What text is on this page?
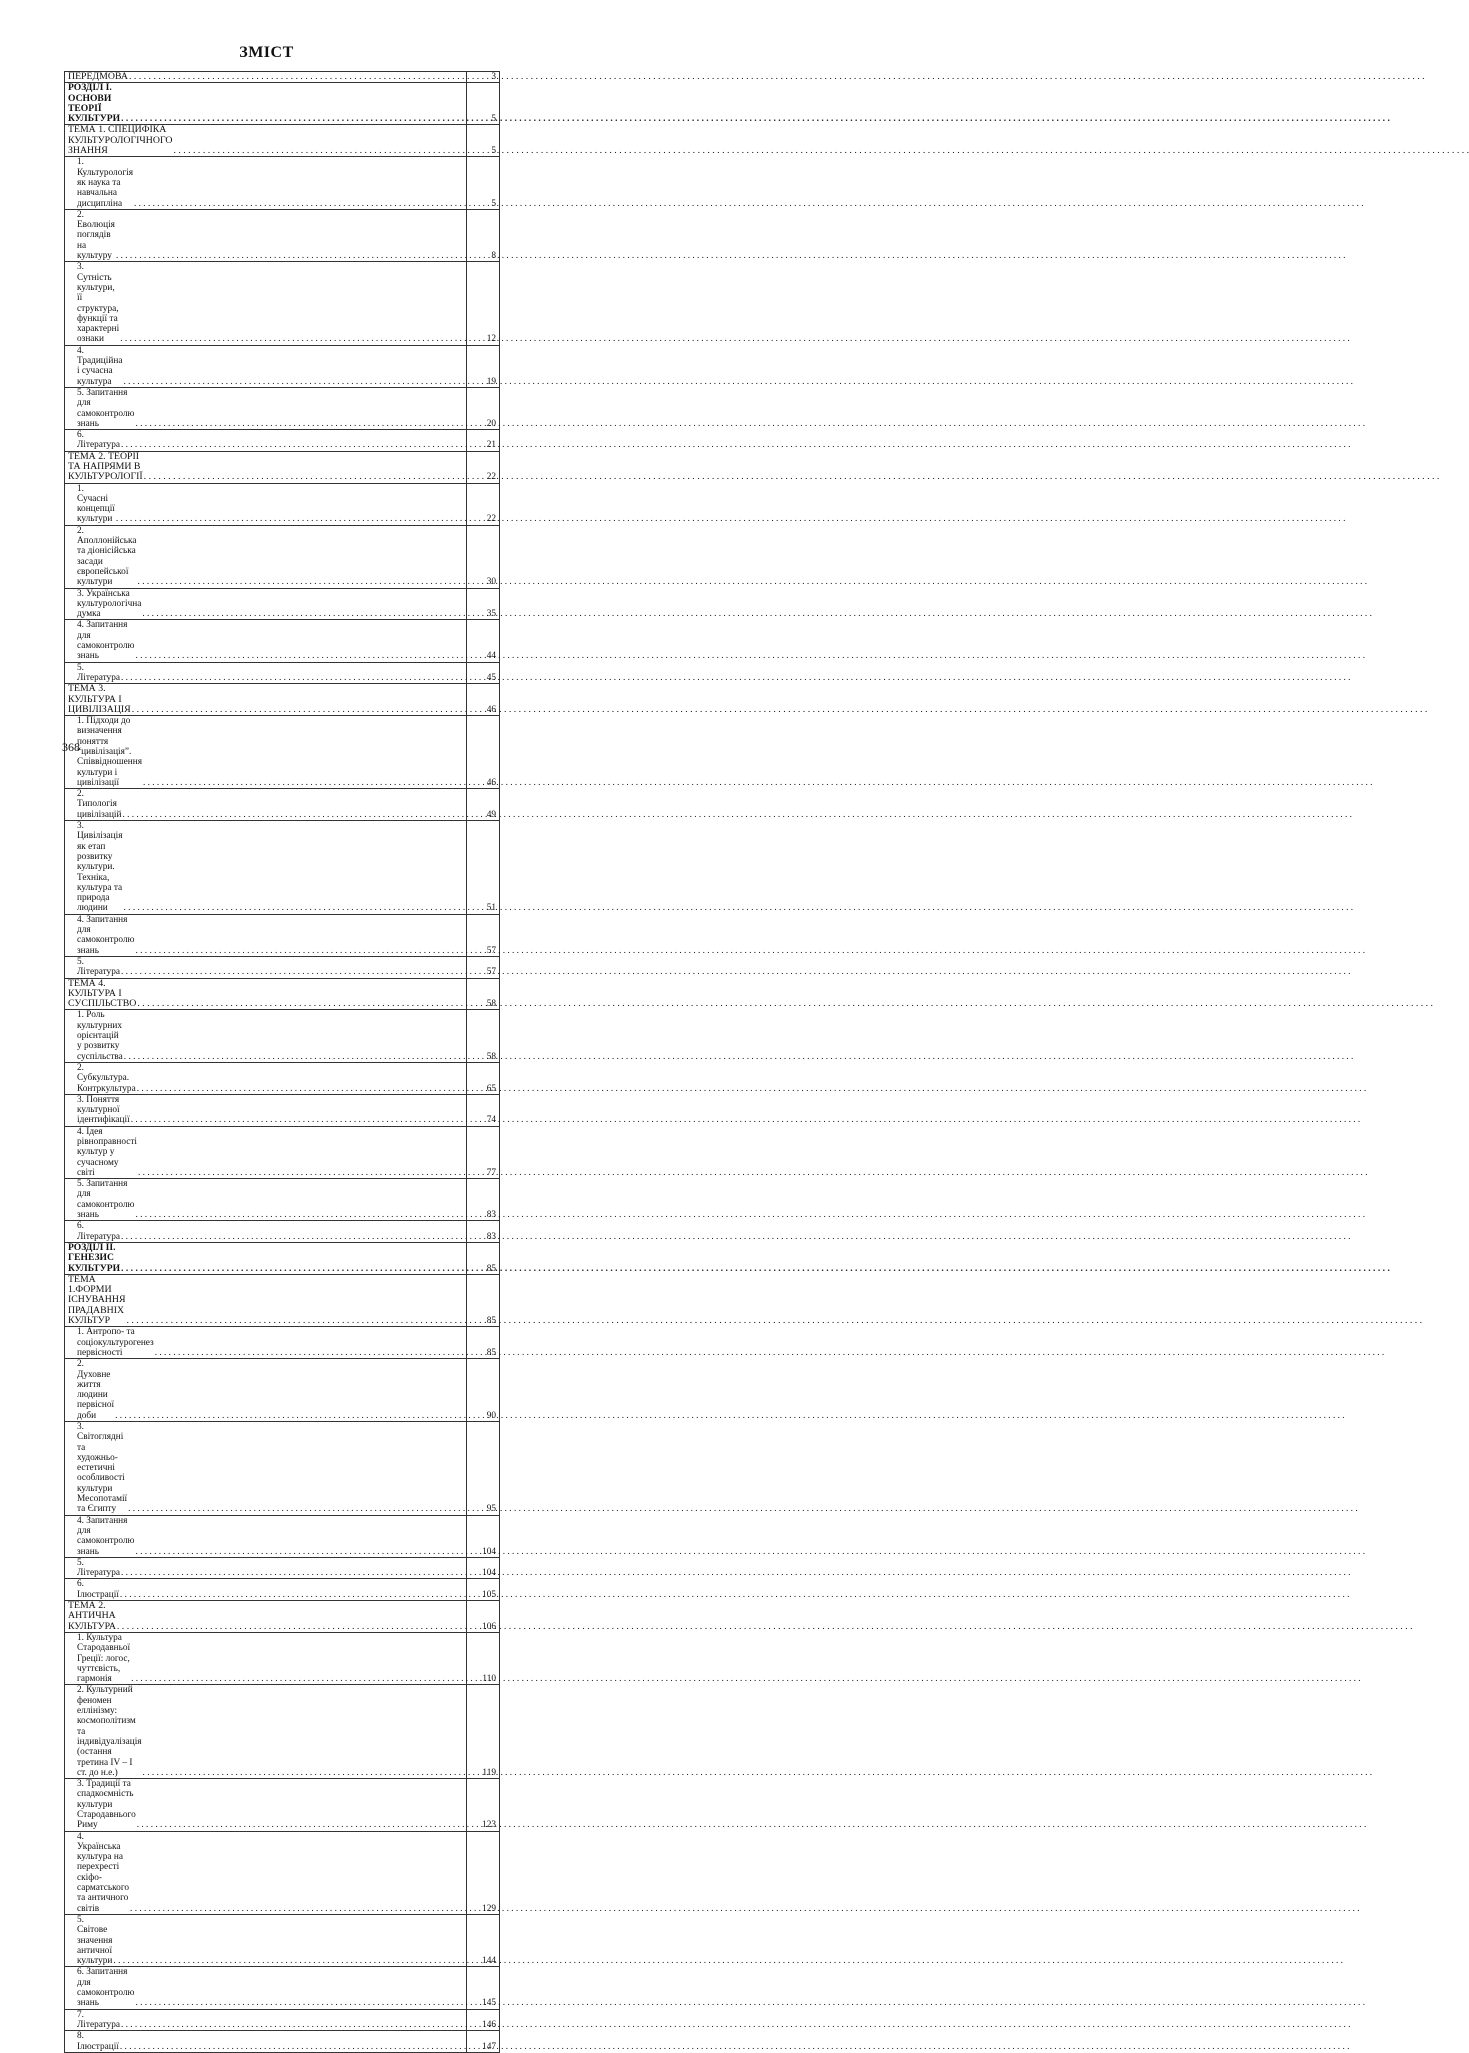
ЗМІСТ
ПЕРЕДМОВА
. . .	3

РОЗДІЛ І. ОСНОВИ ТЕОРІЇ КУЛЬТУРИ
. . .	5

ТЕМА 1. СПЕЦИФІКА КУЛЬТУРОЛОГІЧНОГО ЗНАННЯ
. . .	5

1. Культурологія як наука та навчальна дисципліна
. . .	5

2. Еволюція поглядів на культуру
. . .	8

3. Сутність культури, її структура, функції та характерні ознаки
. . .	12

4. Традиційна і сучасна культура
. . .	19

5. Запитання для самоконтролю знань
. . .	20

6. Література
. . .	21

ТЕМА 2. ТЕОРІЇ ТА НАПРЯМИ В КУЛЬТУРОЛОГІЇ
. . .	22

1. Сучасні концепції культури
. . .	22

2. Аполлонійська та діонісійська засади європейської культури
. . .	30

3. Українська культурологічна думка
. . .	35

4. Запитання для самоконтролю знань
. . .	44

5. Література
. . .	45

ТЕМА 3. КУЛЬТУРА І ЦИВІЛІЗАЦІЯ
. . .	46

1. Підходи до визначення поняття “цивілізація”. Співвідношення культури і цивілізації
. . .	46

2. Типологія цивілізацій
. . .	49

3. Цивілізація як етап розвитку культури. Техніка, культура та природа людини
. . .	51

4. Запитання для самоконтролю знань
. . .	57

5. Література
. . .	57

ТЕМА 4. КУЛЬТУРА І СУСПІЛЬСТВО
. . .	58

1. Роль культурних орієнтацій у розвитку суспільства
. . .	58

2. Субкультура. Контркультура
. . .	65

3. Поняття культурної ідентифікації
. . .	74

4. Ідея рівноправності культур у сучасному світі
. . .	77

5. Запитання для самоконтролю знань
. . .	83

6. Література
. . .	83

РОЗДІЛ ІІ. ГЕНЕЗИС КУЛЬТУРИ
. . .	85

ТЕМА 1.ФОРМИ ІСНУВАННЯ ПРАДАВНІХ КУЛЬТУР
. . .	85

1. Антропо- та соціокультурогенез первісності
. . .	85

2. Духовне життя людини первісної доби
. . .	90

3. Світоглядні та художньо-естетичні особливості культури Месопотамії та Єгипту
. . .	95

4. Запитання для самоконтролю знань
. . .	104

5. Література
. . .	104

6. Ілюстрації
. . .	105

ТЕМА 2. АНТИЧНА КУЛЬТУРА
. . .	106

1. Культура Стародавньої Греції: логос, чуттєвість, гармонія
. . .	110

2. Культурний феномен еллінізму: космополітизм та індивідуалізація (остання третина IV – I ст. до н.е.)
. . .	119

3. Традиції та спадкоємність культури Стародавнього Риму
. . .	123

4. Українська культура на перехресті скіфо-сарматського та античного світів
. . .	129

5. Світове значення античної культури
. . .	144

6. Запитання для самоконтролю знань
. . .	145

7. Література
. . .	146

8. Ілюстрації
. . .	147
368
